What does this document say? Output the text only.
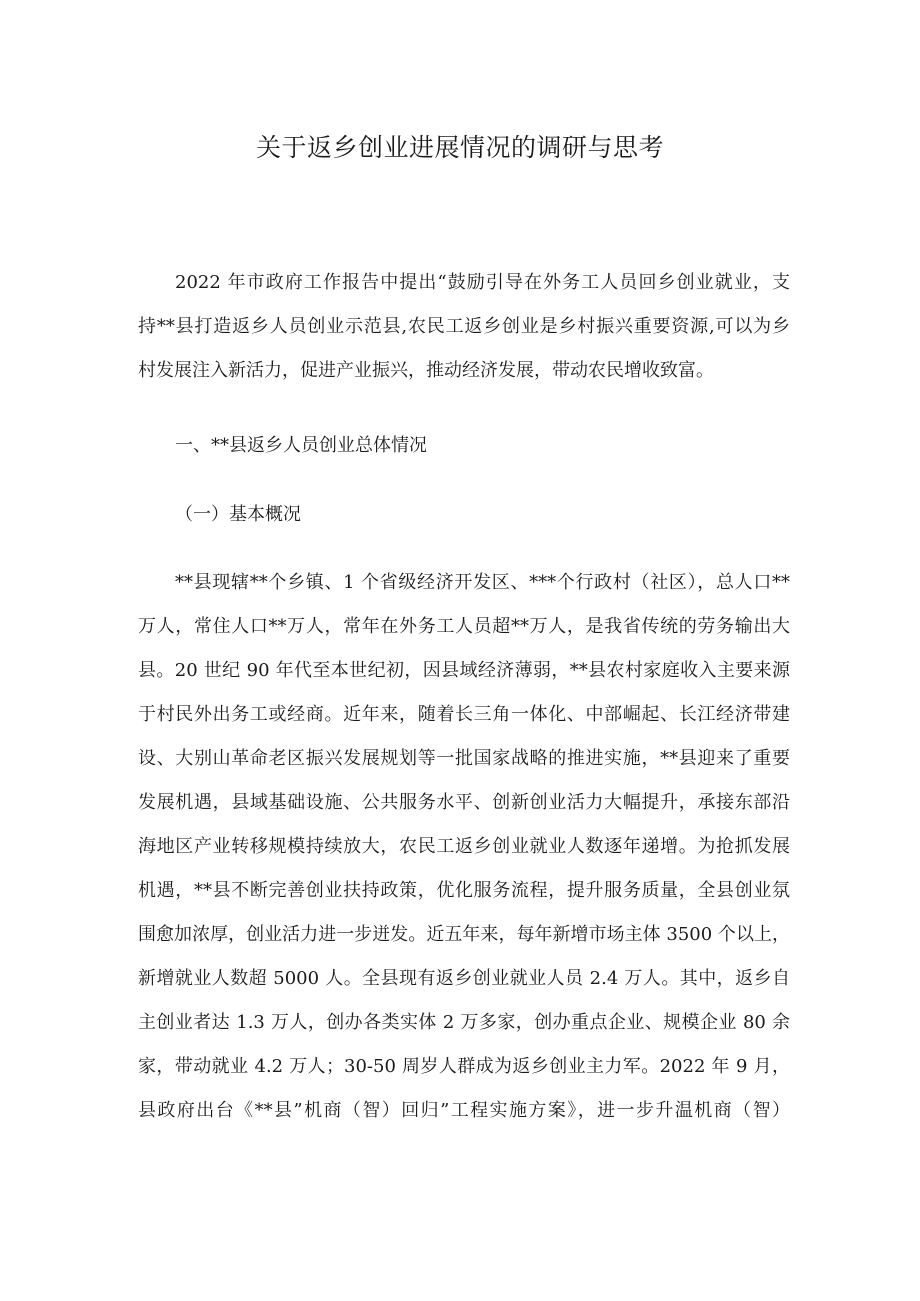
关于返乡创业进展情况的调研与思考
2022 年市政府工作报告中提出“鼓励引导在外务工人员回乡创业就业，支
持**县打造返乡人员创业示范县,农民工返乡创业是乡村振兴重要资源,可以为乡
村发展注入新活力，促进产业振兴，推动经济发展，带动农民增收致富。
一、**县返乡人员创业总体情况
（一）基本概况
**县现辖**个乡镇、1 个省级经济开发区、***个行政村（社区），总人口**
万人，常住人口**万人，常年在外务工人员超**万人，是我省传统的劳务输出大
县。20 世纪 90 年代至本世纪初，因县域经济薄弱，**县农村家庭收入主要来源
于村民外出务工或经商。近年来，随着长三角一体化、中部崛起、长江经济带建
设、大别山革命老区振兴发展规划等一批国家战略的推进实施，**县迎来了重要
发展机遇，县域基础设施、公共服务水平、创新创业活力大幅提升，承接东部沿
海地区产业转移规模持续放大，农民工返乡创业就业人数逐年递增。为抢抓发展
机遇，**县不断完善创业扶持政策，优化服务流程，提升服务质量，全县创业氛
围愈加浓厚，创业活力进一步迸发。近五年来，每年新增市场主体 3500 个以上，
新增就业人数超 5000 人。全县现有返乡创业就业人员 2.4 万人。其中，返乡自
主创业者达 1.3 万人，创办各类实体 2 万多家，创办重点企业、规模企业 80 余
家，带动就业 4.2 万人；30-50 周岁人群成为返乡创业主力军。2022 年 9 月，
县政府出台《**县”机商（智）回归”工程实施方案》，进一步升温机商（智）
